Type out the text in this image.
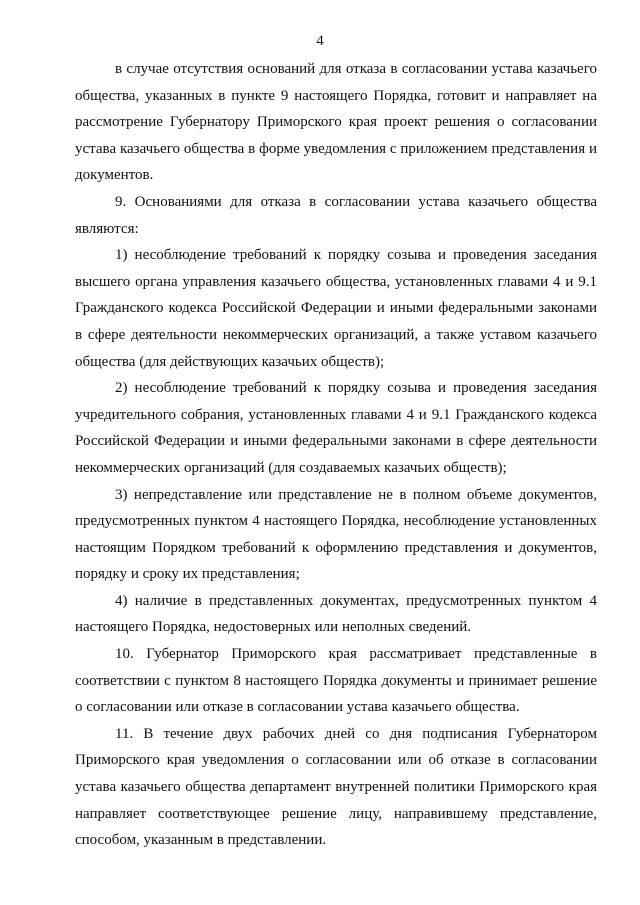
4

в случае отсутствия оснований для отказа в согласовании устава казачьего общества, указанных в пункте 9 настоящего Порядка, готовит и направляет на рассмотрение Губернатору Приморского края проект решения о согласовании устава казачьего общества в форме уведомления с приложением представления и документов.

9. Основаниями для отказа в согласовании устава казачьего общества являются:

1) несоблюдение требований к порядку созыва и проведения заседания высшего органа управления казачьего общества, установленных главами 4 и 9.1 Гражданского кодекса Российской Федерации и иными федеральными законами в сфере деятельности некоммерческих организаций, а также уставом казачьего общества (для действующих казачьих обществ);

2) несоблюдение требований к порядку созыва и проведения заседания учредительного собрания, установленных главами 4 и 9.1 Гражданского кодекса Российской Федерации и иными федеральными законами в сфере деятельности некоммерческих организаций (для создаваемых казачьих обществ);

3) непредставление или представление не в полном объеме документов, предусмотренных пунктом 4 настоящего Порядка, несоблюдение установленных настоящим Порядком требований к оформлению представления и документов, порядку и сроку их представления;

4) наличие в представленных документах, предусмотренных пунктом 4 настоящего Порядка, недостоверных или неполных сведений.

10. Губернатор Приморского края рассматривает представленные в соответствии с пунктом 8 настоящего Порядка документы и принимает решение о согласовании или отказе в согласовании устава казачьего общества.

11. В течение двух рабочих дней со дня подписания Губернатором Приморского края уведомления о согласовании или об отказе в согласовании устава казачьего общества департамент внутренней политики Приморского края направляет соответствующее решение лицу, направившему представление, способом, указанным в представлении.
